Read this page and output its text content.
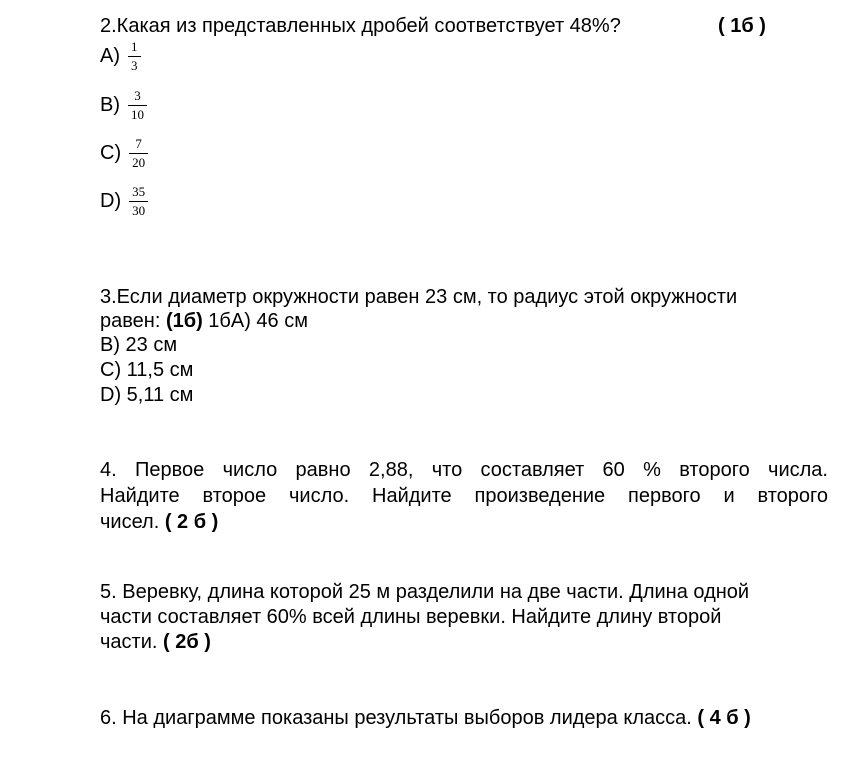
2.Какая из представленных дробей соответствует 48%?	( 1б )
$A) \frac{1}{3}$
$B) \frac{3}{10}$
$C) \frac{7}{20}$
$D) \frac{35}{30}$
3.Если диаметр окружности равен 23 см, то радиус этой окружности
равен: (1б) 1бA) 46 см
B) 23 см
C) 11,5 см
D) 5,11 см
4. Первое число равно 2,88, что составляет 60 % второго числа.
Найдите второе число. Найдите произведение первого и второго
чисел. ( 2 б )
5. Веревку, длина которой 25 м разделили на две части. Длина одной
части составляет 60% всей длины веревки. Найдите длину второй
части. ( 2б )
6. На диаграмме показаны результаты выборов лидера класса. ( 4 б )
